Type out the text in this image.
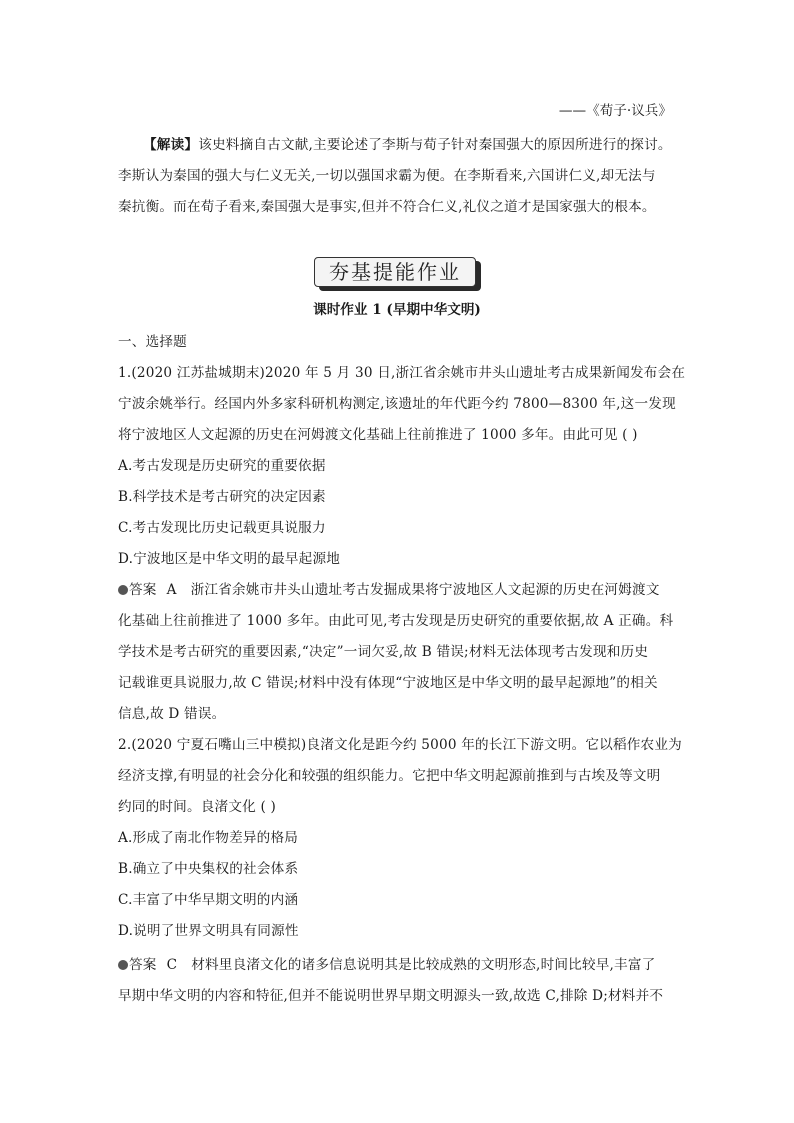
——《荀子·议兵》
【解读】该史料摘自古文献,主要论述了李斯与荀子针对秦国强大的原因所进行的探讨。
李斯认为秦国的强大与仁义无关,一切以强国求霸为便。在李斯看来,六国讲仁义,却无法与
秦抗衡。而在荀子看来,秦国强大是事实,但并不符合仁义,礼仪之道才是国家强大的根本。
夯基提能作业
课时作业 1 (早期中华文明)
一、选择题
1.(2020 江苏盐城期末)2020 年 5 月 30 日,浙江省余姚市井头山遗址考古成果新闻发布会在
宁波余姚举行。经国内外多家科研机构测定,该遗址的年代距今约 7800—8300 年,这一发现
将宁波地区人文起源的历史在河姆渡文化基础上往前推进了 1000 多年。由此可见 ( )
A.考古发现是历史研究的重要依据
B.科学技术是考古研究的决定因素
C.考古发现比历史记载更具说服力
D.宁波地区是中华文明的最早起源地
答案 A 浙江省余姚市井头山遗址考古发掘成果将宁波地区人文起源的历史在河姆渡文
化基础上往前推进了 1000 多年。由此可见,考古发现是历史研究的重要依据,故 A 正确。科
学技术是考古研究的重要因素,“决定”一词欠妥,故 B 错误;材料无法体现考古发现和历史
记载谁更具说服力,故 C 错误;材料中没有体现“宁波地区是中华文明的最早起源地”的相关
信息,故 D 错误。
2.(2020 宁夏石嘴山三中模拟)良渚文化是距今约 5000 年的长江下游文明。它以稻作农业为
经济支撑,有明显的社会分化和较强的组织能力。它把中华文明起源前推到与古埃及等文明
约同的时间。良渚文化 ( )
A.形成了南北作物差异的格局
B.确立了中央集权的社会体系
C.丰富了中华早期文明的内涵
D.说明了世界文明具有同源性
答案 C 材料里良渚文化的诸多信息说明其是比较成熟的文明形态,时间比较早,丰富了
早期中华文明的内容和特征,但并不能说明世界早期文明源头一致,故选 C,排除 D;材料并不
